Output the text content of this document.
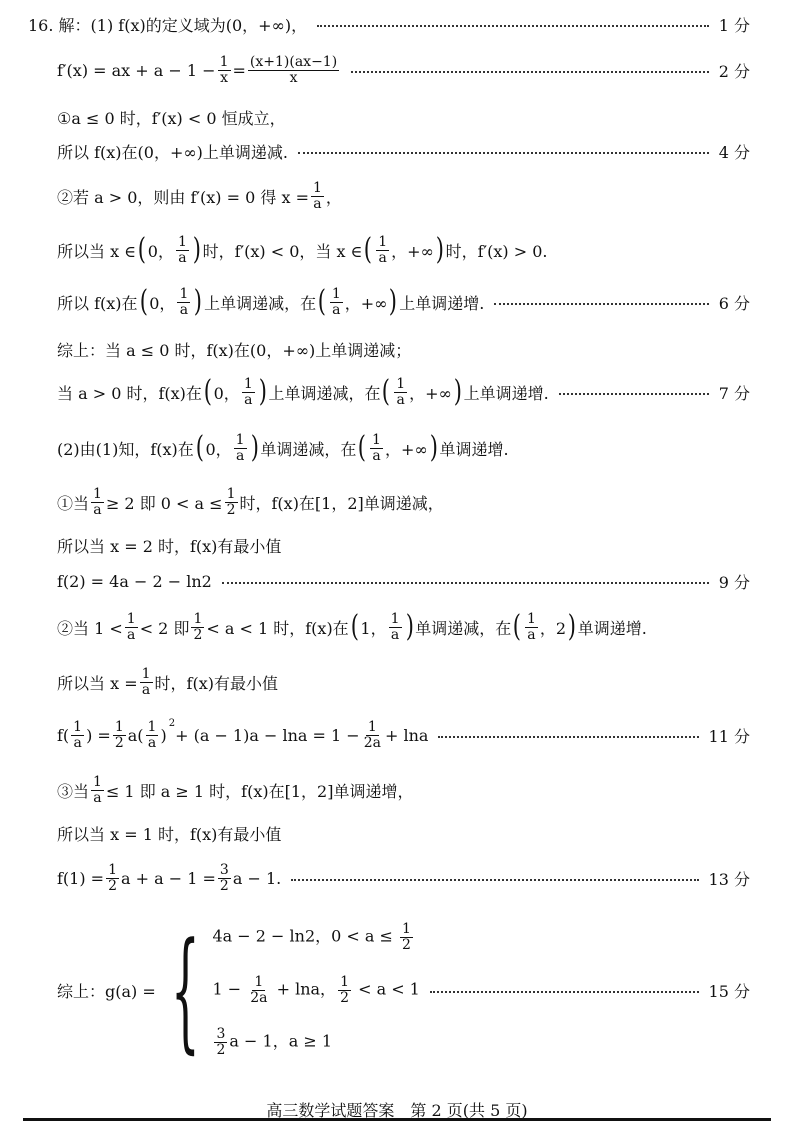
16. 解：(1) f(x)的定义域为(0，+∞)，	1 分
f′(x) = ax + $a - 1 - \frac{1}{x} = \frac{(x+1)(ax-1)}{x}$	2 分
①a ≤ 0 时，f′(x) < 0 恒成立，
所以 f(x)在(0，+∞)上单调递减.	4 分
②若 a > 0，则由 f′(x) = 0 得 $x = \frac{1}{a}$ ，
所以当 x ∈ ( 0， $\frac{1}{a}$ ) 时，f′(x) < 0，当 x ∈ ( $\frac{1}{a}$ ，+∞ ) 时，f′(x) > 0.
所以 f(x)在 ( 0， $\frac{1}{a}$ ) 上单调递减，在 ( $\frac{1}{a}$ ，+∞ ) 上单调递增.	6 分
综上：当 a ≤ 0 时，f(x)在(0，+∞)上单调递减；
当 a > 0 时，f(x)在 ( 0， $\frac{1}{a}$ ) 上单调递减，在 ( $\frac{1}{a}$ ，+∞ ) 上单调递增.	7 分
(2)由(1)知，f(x)在 ( 0， $\frac{1}{a}$ ) 单调递减，在 ( $\frac{1}{a}$ ，+∞ ) 单调递增.
①当 $\frac{1}{a} \ge 2$ 即 $0 < a \le \frac{1}{2}$ 时，f(x)在[1，2]单调递减，
所以当 x = 2 时，f(x)有最小值
f(2) = 4a − 2 − ln2	9 分
②当 $1 < \frac{1}{a} < 2$ 即 $\frac{1}{2} < a < 1$ 时，f(x)在 ( 1， $\frac{1}{a}$ ) 单调递减，在 ( $\frac{1}{a}$ ，2 ) 单调递增.
所以当 $x = \frac{1}{a}$ 时，f(x)有最小值
$f( \frac{1}{a}$ ) = $\frac{1}{2} a( \frac{1}{a}$ )
2
+ $(a - 1)a - \ln a = 1 - \frac{1}{2a} + \ln a$	11 分
③当 $\frac{1}{a} \le 1$ 即 a ≥ 1 时，f(x)在[1，2]单调递增，
所以当 x = 1 时，f(x)有最小值
$f(1) = \frac{1}{2}$ $a + a - 1 = \frac{3}{2}$ a − 1.	13 分
综上：g(a) = { 4a − 2 − ln2，$0 < a \le \frac{1}{2}$
$1 - \frac{1}{2a} + \ln a$， $\frac{1}{2} < a < 1$
$\frac{3}{2}$ a − 1，a ≥ 1
15 分
高三数学试题答案　第 2 页(共 5 页)
